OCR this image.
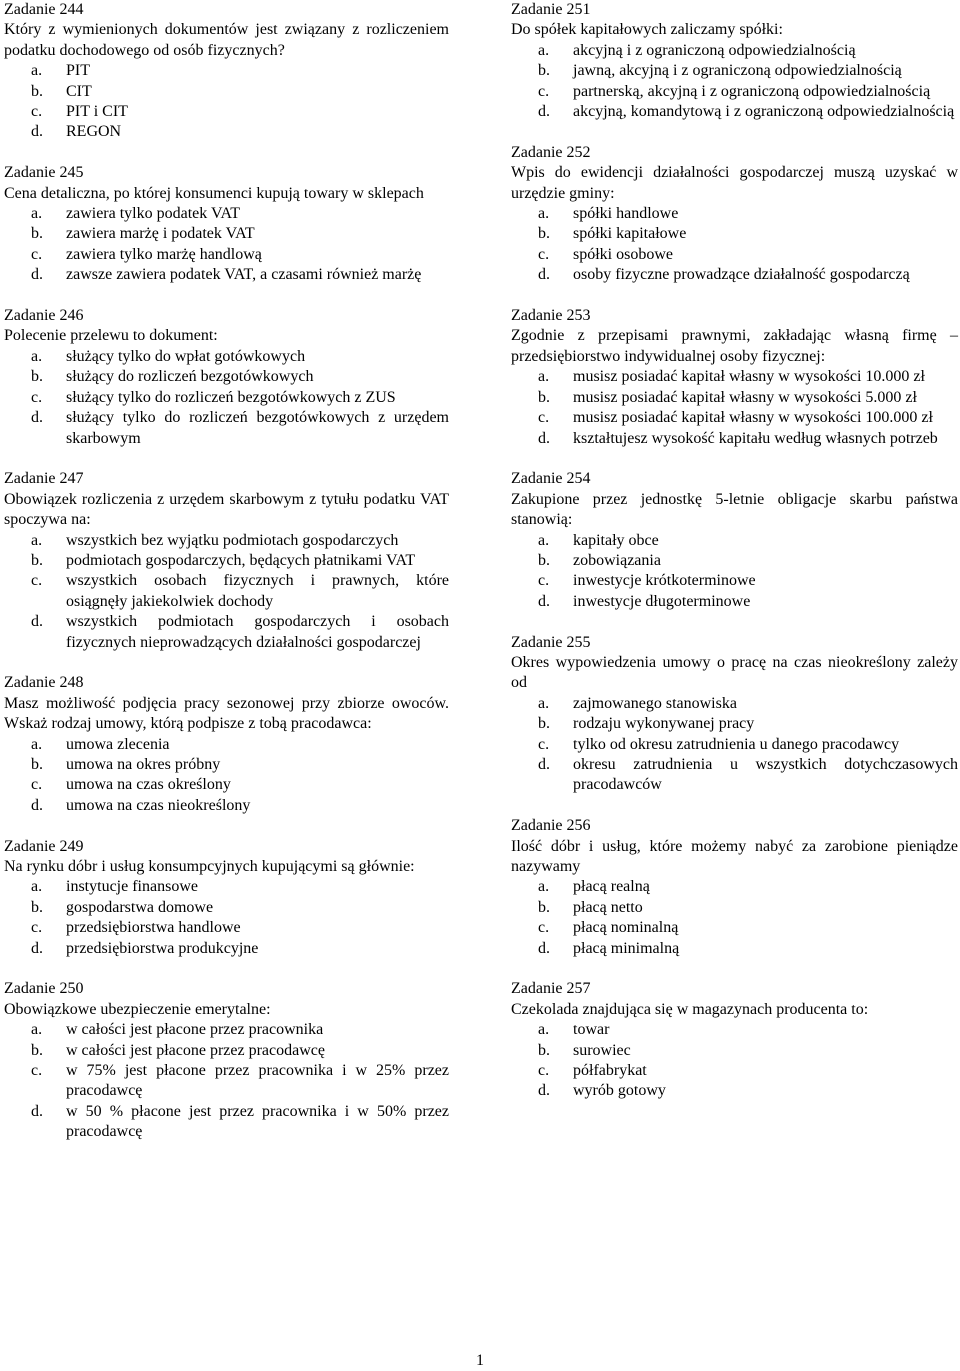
Zadanie 244

Który z wymienionych dokumentów jest związany z rozliczeniem podatku dochodowego od osób fizycznych?

a. PIT
b. CIT
c. PIT i CIT
d. REGON

Zadanie 245

Cena detaliczna, po której konsumenci kupują towary w sklepach

a. zawiera tylko podatek VAT
b. zawiera marżę i podatek VAT
c. zawiera tylko marżę handlową
d. zawsze zawiera podatek VAT, a czasami również marżę

Zadanie 246

Polecenie przelewu to dokument:

a. służący tylko do wpłat gotówkowych
b. służący do rozliczeń bezgotówkowych
c. służący tylko do rozliczeń bezgotówkowych z ZUS
d. służący tylko do rozliczeń bezgotówkowych z urzędem skarbowym

Zadanie 247

Obowiązek rozliczenia z urzędem skarbowym z tytułu podatku VAT spoczywa na:

a. wszystkich bez wyjątku podmiotach gospodarczych
b. podmiotach gospodarczych, będących płatnikami VAT
c. wszystkich osobach fizycznych i prawnych, które osiągnęły jakiekolwiek dochody
d. wszystkich podmiotach gospodarczych i osobach fizycznych nieprowadzących działalności gospodarczej

Zadanie 248

Masz możliwość podjęcia pracy sezonowej przy zbiorze owoców. Wskaż rodzaj umowy, którą podpisze z tobą pracodawca:

a. umowa zlecenia
b. umowa na okres próbny
c. umowa na czas określony
d. umowa na czas nieokreślony

Zadanie 249

Na rynku dóbr i usług konsumpcyjnych kupującymi są głównie:

a. instytucje finansowe
b. gospodarstwa domowe
c. przedsiębiorstwa handlowe
d. przedsiębiorstwa produkcyjne

Zadanie 250

Obowiązkowe ubezpieczenie emerytalne:

a. w całości jest płacone przez pracownika
b. w całości jest płacone przez pracodawcę
c. w 75% jest płacone przez pracownika i w 25% przez pracodawcę
d. w 50 % płacone jest przez pracownika i w 50% przez pracodawcę

Zadanie 251

Do spółek kapitałowych zaliczamy spółki:

a. akcyjną i z ograniczoną odpowiedzialnością
b. jawną, akcyjną i z ograniczoną odpowiedzialnością
c. partnerską, akcyjną i z ograniczoną odpowiedzialnością
d. akcyjną, komandytową i z ograniczoną odpowiedzialnością

Zadanie 252

Wpis do ewidencji działalności gospodarczej muszą uzyskać w urzędzie gminy:

a. spółki handlowe
b. spółki kapitałowe
c. spółki osobowe
d. osoby fizyczne prowadzące działalność gospodarczą

Zadanie 253

Zgodnie z przepisami prawnymi, zakładając własną firmę – przedsiębiorstwo indywidualnej osoby fizycznej:

a. musisz posiadać kapitał własny w wysokości 10.000 zł
b. musisz posiadać kapitał własny w wysokości 5.000 zł
c. musisz posiadać kapitał własny w wysokości 100.000 zł
d. kształtujesz wysokość kapitału według własnych potrzeb

Zadanie 254

Zakupione przez jednostkę 5-letnie obligacje skarbu państwa stanowią:

a. kapitały obce
b. zobowiązania
c. inwestycje krótkoterminowe
d. inwestycje długoterminowe

Zadanie 255

Okres wypowiedzenia umowy o pracę na czas nieokreślony zależy od

a. zajmowanego stanowiska
b. rodzaju wykonywanej pracy
c. tylko od okresu zatrudnienia u danego pracodawcy
d. okresu zatrudnienia u wszystkich dotychczasowych pracodawców

Zadanie 256

Ilość dóbr i usług, które możemy nabyć za zarobione pieniądze nazywamy

a. płacą realną
b. płacą netto
c. płacą nominalną
d. płacą minimalną

Zadanie 257

Czekolada znajdująca się w magazynach producenta to:

a. towar
b. surowiec
c. półfabrykat
d. wyrób gotowy
1
